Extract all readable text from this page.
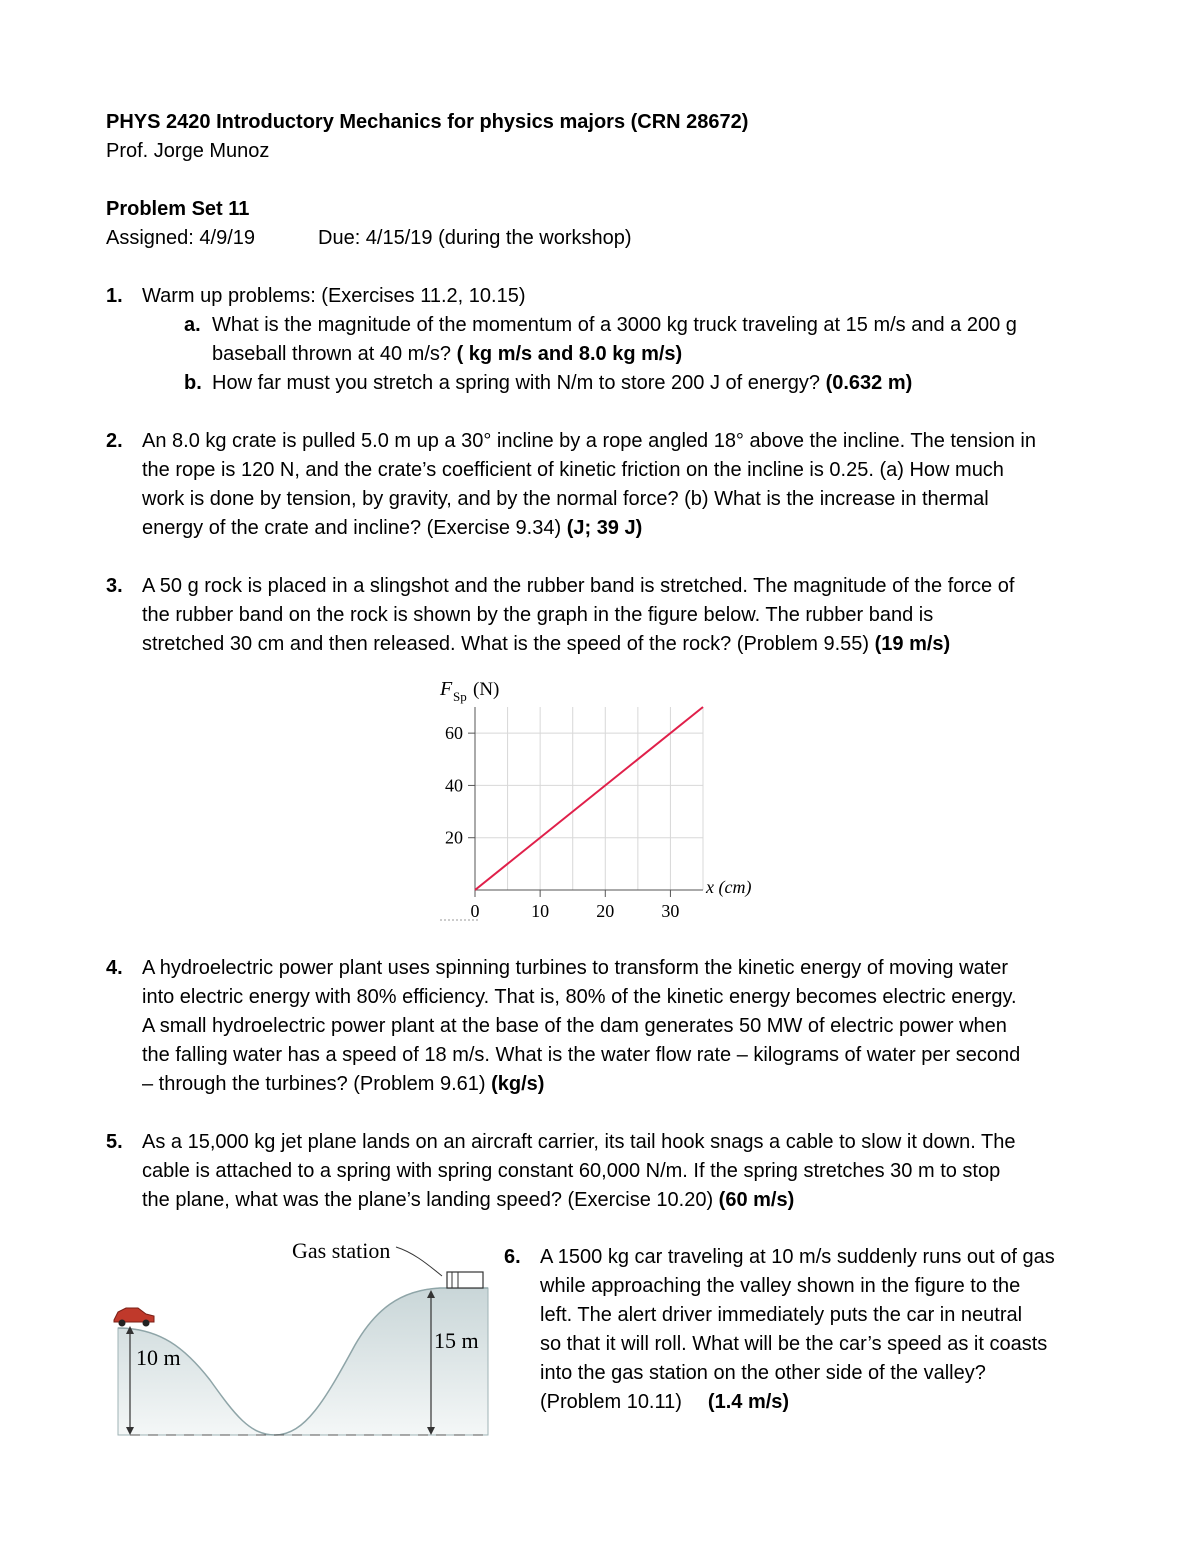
PHYS 2420 Introductory Mechanics for physics majors (CRN 28672)
Prof. Jorge Munoz
Problem Set 11
Assigned: 4/9/19	Due: 4/15/19 (during the workshop)
1. Warm up problems: (Exercises 11.2, 10.15)
a. What is the magnitude of the momentum of a 3000 kg truck traveling at 15 m/s and a 200 g
baseball thrown at 40 m/s? ( kg m/s and 8.0 kg m/s)
b. How far must you stretch a spring with N/m to store 200 J of energy? (0.632 m)
2. An 8.0 kg crate is pulled 5.0 m up a 30° incline by a rope angled 18° above the incline. The tension in
the rope is 120 N, and the crate’s coefficient of kinetic friction on the incline is 0.25. (a) How much
work is done by tension, by gravity, and by the normal force? (b) What is the increase in thermal
energy of the crate and incline? (Exercise 9.34) (J; 39 J)
3. A 50 g rock is placed in a slingshot and the rubber band is stretched. The magnitude of the force of
the rubber band on the rock is shown by the graph in the figure below. The rubber band is
stretched 30 cm and then released. What is the speed of the rock? (Problem 9.55) (19 m/s)
20
40
60
0	10	20	30
F Sp (N)
x (cm)
4. A hydroelectric power plant uses spinning turbines to transform the kinetic energy of moving water
into electric energy with 80% efficiency. That is, 80% of the kinetic energy becomes electric energy.
A small hydroelectric power plant at the base of the dam generates 50 MW of electric power when
the falling water has a speed of 18 m/s. What is the water flow rate – kilograms of water per second
– through the turbines? (Problem 9.61) (kg/s)
5. As a 15,000 kg jet plane lands on an aircraft carrier, its tail hook snags a cable to slow it down. The
cable is attached to a spring with spring constant 60,000 N/m. If the spring stretches 30 m to stop
the plane, what was the plane’s landing speed? (Exercise 10.20) (60 m/s)
10 m
15 m
Gas station	6. A 1500 kg car traveling at 10 m/s suddenly runs out of gas
while approaching the valley shown in the figure to the
left. The alert driver immediately puts the car in neutral
so that it will roll. What will be the car’s speed as it coasts
into the gas station on the other side of the valley?
(Problem 10.11) (1.4 m/s)
